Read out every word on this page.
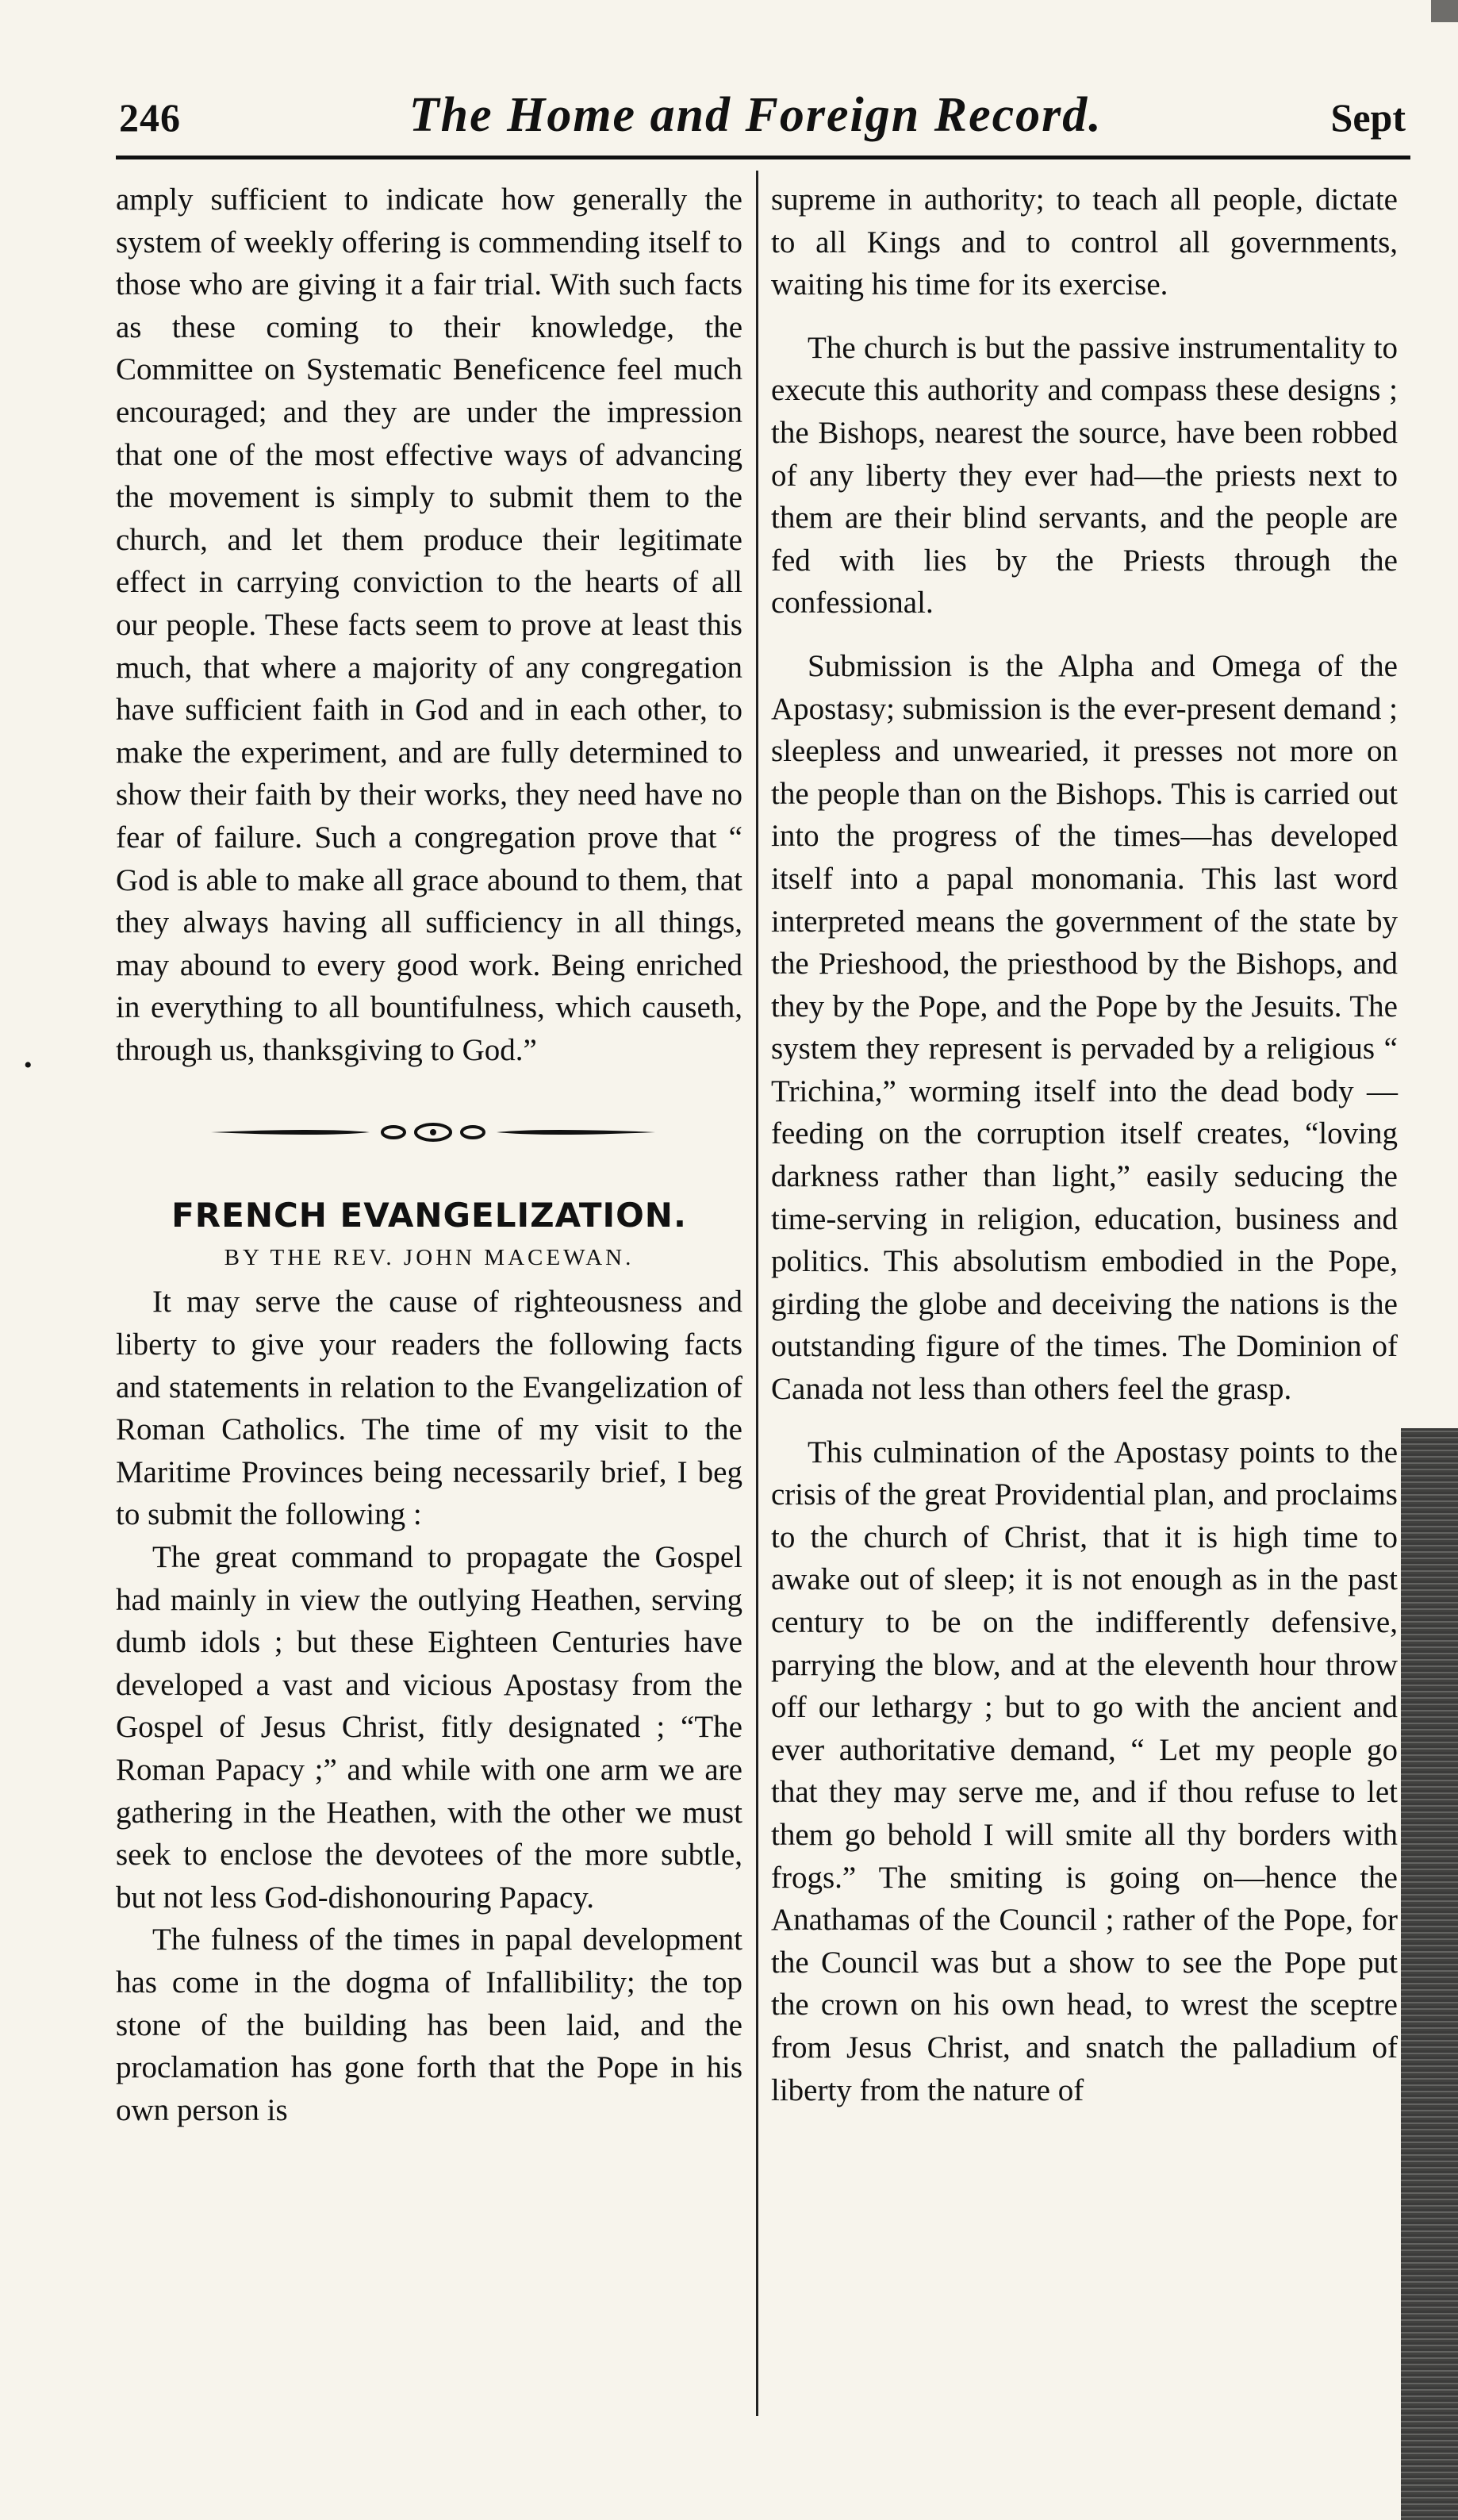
•
246	The Home and Foreign Record.	Sept

amply sufficient to indicate how generally the system of weekly offering is commending itself to those who are giving it a fair trial. With such facts as these coming to their knowledge, the Committee on Systematic Beneficence feel much encouraged; and they are under the impression that one of the most effective ways of advancing the movement is simply to submit them to the church, and let them produce their legitimate effect in carrying conviction to the hearts of all our people. These facts seem to prove at least this much, that where a majority of any congregation have sufficient faith in God and in each other, to make the experiment, and are fully determined to show their faith by their works, they need have no fear of failure. Such a congregation prove that “ God is able to make all grace abound to them, that they always having all sufficiency in all things, may abound to every good work. Being enriched in everything to all bountifulness, which causeth, through us, thanksgiving to God.”

FRENCH EVANGELIZATION.
BY THE REV. JOHN MACEWAN.

It may serve the cause of righteousness and liberty to give your readers the following facts and statements in relation to the Evangelization of Roman Catholics. The time of my visit to the Maritime Provinces being necessarily brief, I beg to submit the following :

The great command to propagate the Gospel had mainly in view the outlying Heathen, serving dumb idols ; but these Eighteen Centuries have developed a vast and vicious Apostasy from the Gospel of Jesus Christ, fitly designated ; “The Roman Papacy ;” and while with one arm we are gathering in the Heathen, with the other we must seek to enclose the devotees of the more subtle, but not less God-dishonouring Papacy.

The fulness of the times in papal development has come in the dogma of Infallibility; the top stone of the building has been laid, and the proclamation has gone forth that the Pope in his own person is

supreme in authority; to teach all people, dictate to all Kings and to control all governments, waiting his time for its exercise.

The church is but the passive instrumentality to execute this authority and compass these designs ; the Bishops, nearest the source, have been robbed of any liberty they ever had—the priests next to them are their blind servants, and the people are fed with lies by the Priests through the confessional.

Submission is the Alpha and Omega of the Apostasy; submission is the ever-present demand ; sleepless and unwearied, it presses not more on the people than on the Bishops. This is carried out into the progress of the times—has developed itself into a papal monomania. This last word interpreted means the government of the state by the Prieshood, the priesthood by the Bishops, and they by the Pope, and the Pope by the Jesuits. The system they represent is pervaded by a religious “ Trichina,” worming itself into the dead body —feeding on the corruption itself creates, “loving darkness rather than light,” easily seducing the time-serving in religion, education, business and politics. This absolutism embodied in the Pope, girding the globe and deceiving the nations is the outstanding figure of the times. The Dominion of Canada not less than others feel the grasp.

This culmination of the Apostasy points to the crisis of the great Providential plan, and proclaims to the church of Christ, that it is high time to awake out of sleep; it is not enough as in the past century to be on the indifferently defensive, parrying the blow, and at the eleventh hour throw off our lethargy ; but to go with the ancient and ever authoritative demand, “ Let my people go that they may serve me, and if thou refuse to let them go behold I will smite all thy borders with frogs.” The smiting is going on—hence the Anathamas of the Council ; rather of the Pope, for the Council was but a show to see the Pope put the crown on his own head, to wrest the sceptre from Jesus Christ, and snatch the palladium of liberty from the nature of
